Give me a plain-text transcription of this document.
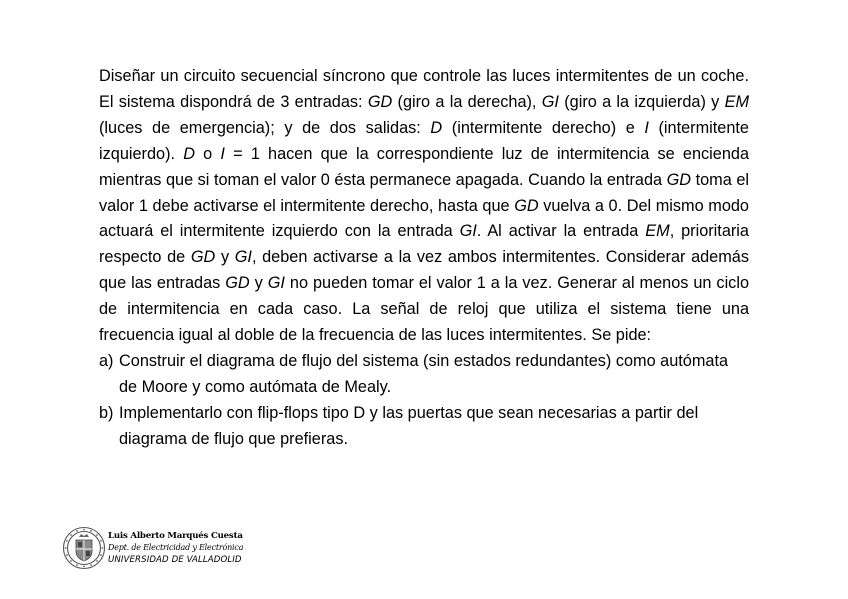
Diseñar un circuito secuencial síncrono que controle las luces intermitentes de un coche. El sistema dispondrá de 3 entradas: GD (giro a la derecha), GI (giro a la izquierda) y EM (luces de emergencia); y de dos salidas: D (intermitente derecho) e I (intermitente izquierdo). D o I = 1 hacen que la correspondiente luz de intermitencia se encienda mientras que si toman el valor 0 ésta permanece apagada. Cuando la entrada GD toma el valor 1 debe activarse el intermitente derecho, hasta que GD vuelva a 0. Del mismo modo actuará el intermitente izquierdo con la entrada GI. Al activar la entrada EM, prioritaria respecto de GD y GI, deben activarse a la vez ambos intermitentes. Considerar además que las entradas GD y GI no pueden tomar el valor 1 a la vez. Generar al menos un ciclo de intermitencia en cada caso. La señal de reloj que utiliza el sistema tiene una frecuencia igual al doble de la frecuencia de las luces intermitentes. Se pide:

a) Construir el diagrama de flujo del sistema (sin estados redundantes) como autómata de Moore y como autómata de Mealy.
b) Implementarlo con flip-flops tipo D y las puertas que sean necesarias a partir del diagrama de flujo que prefieras.
Luis Alberto Marqués Cuesta
Dept. de Electricidad y Electrónica
UNIVERSIDAD DE VALLADOLID
